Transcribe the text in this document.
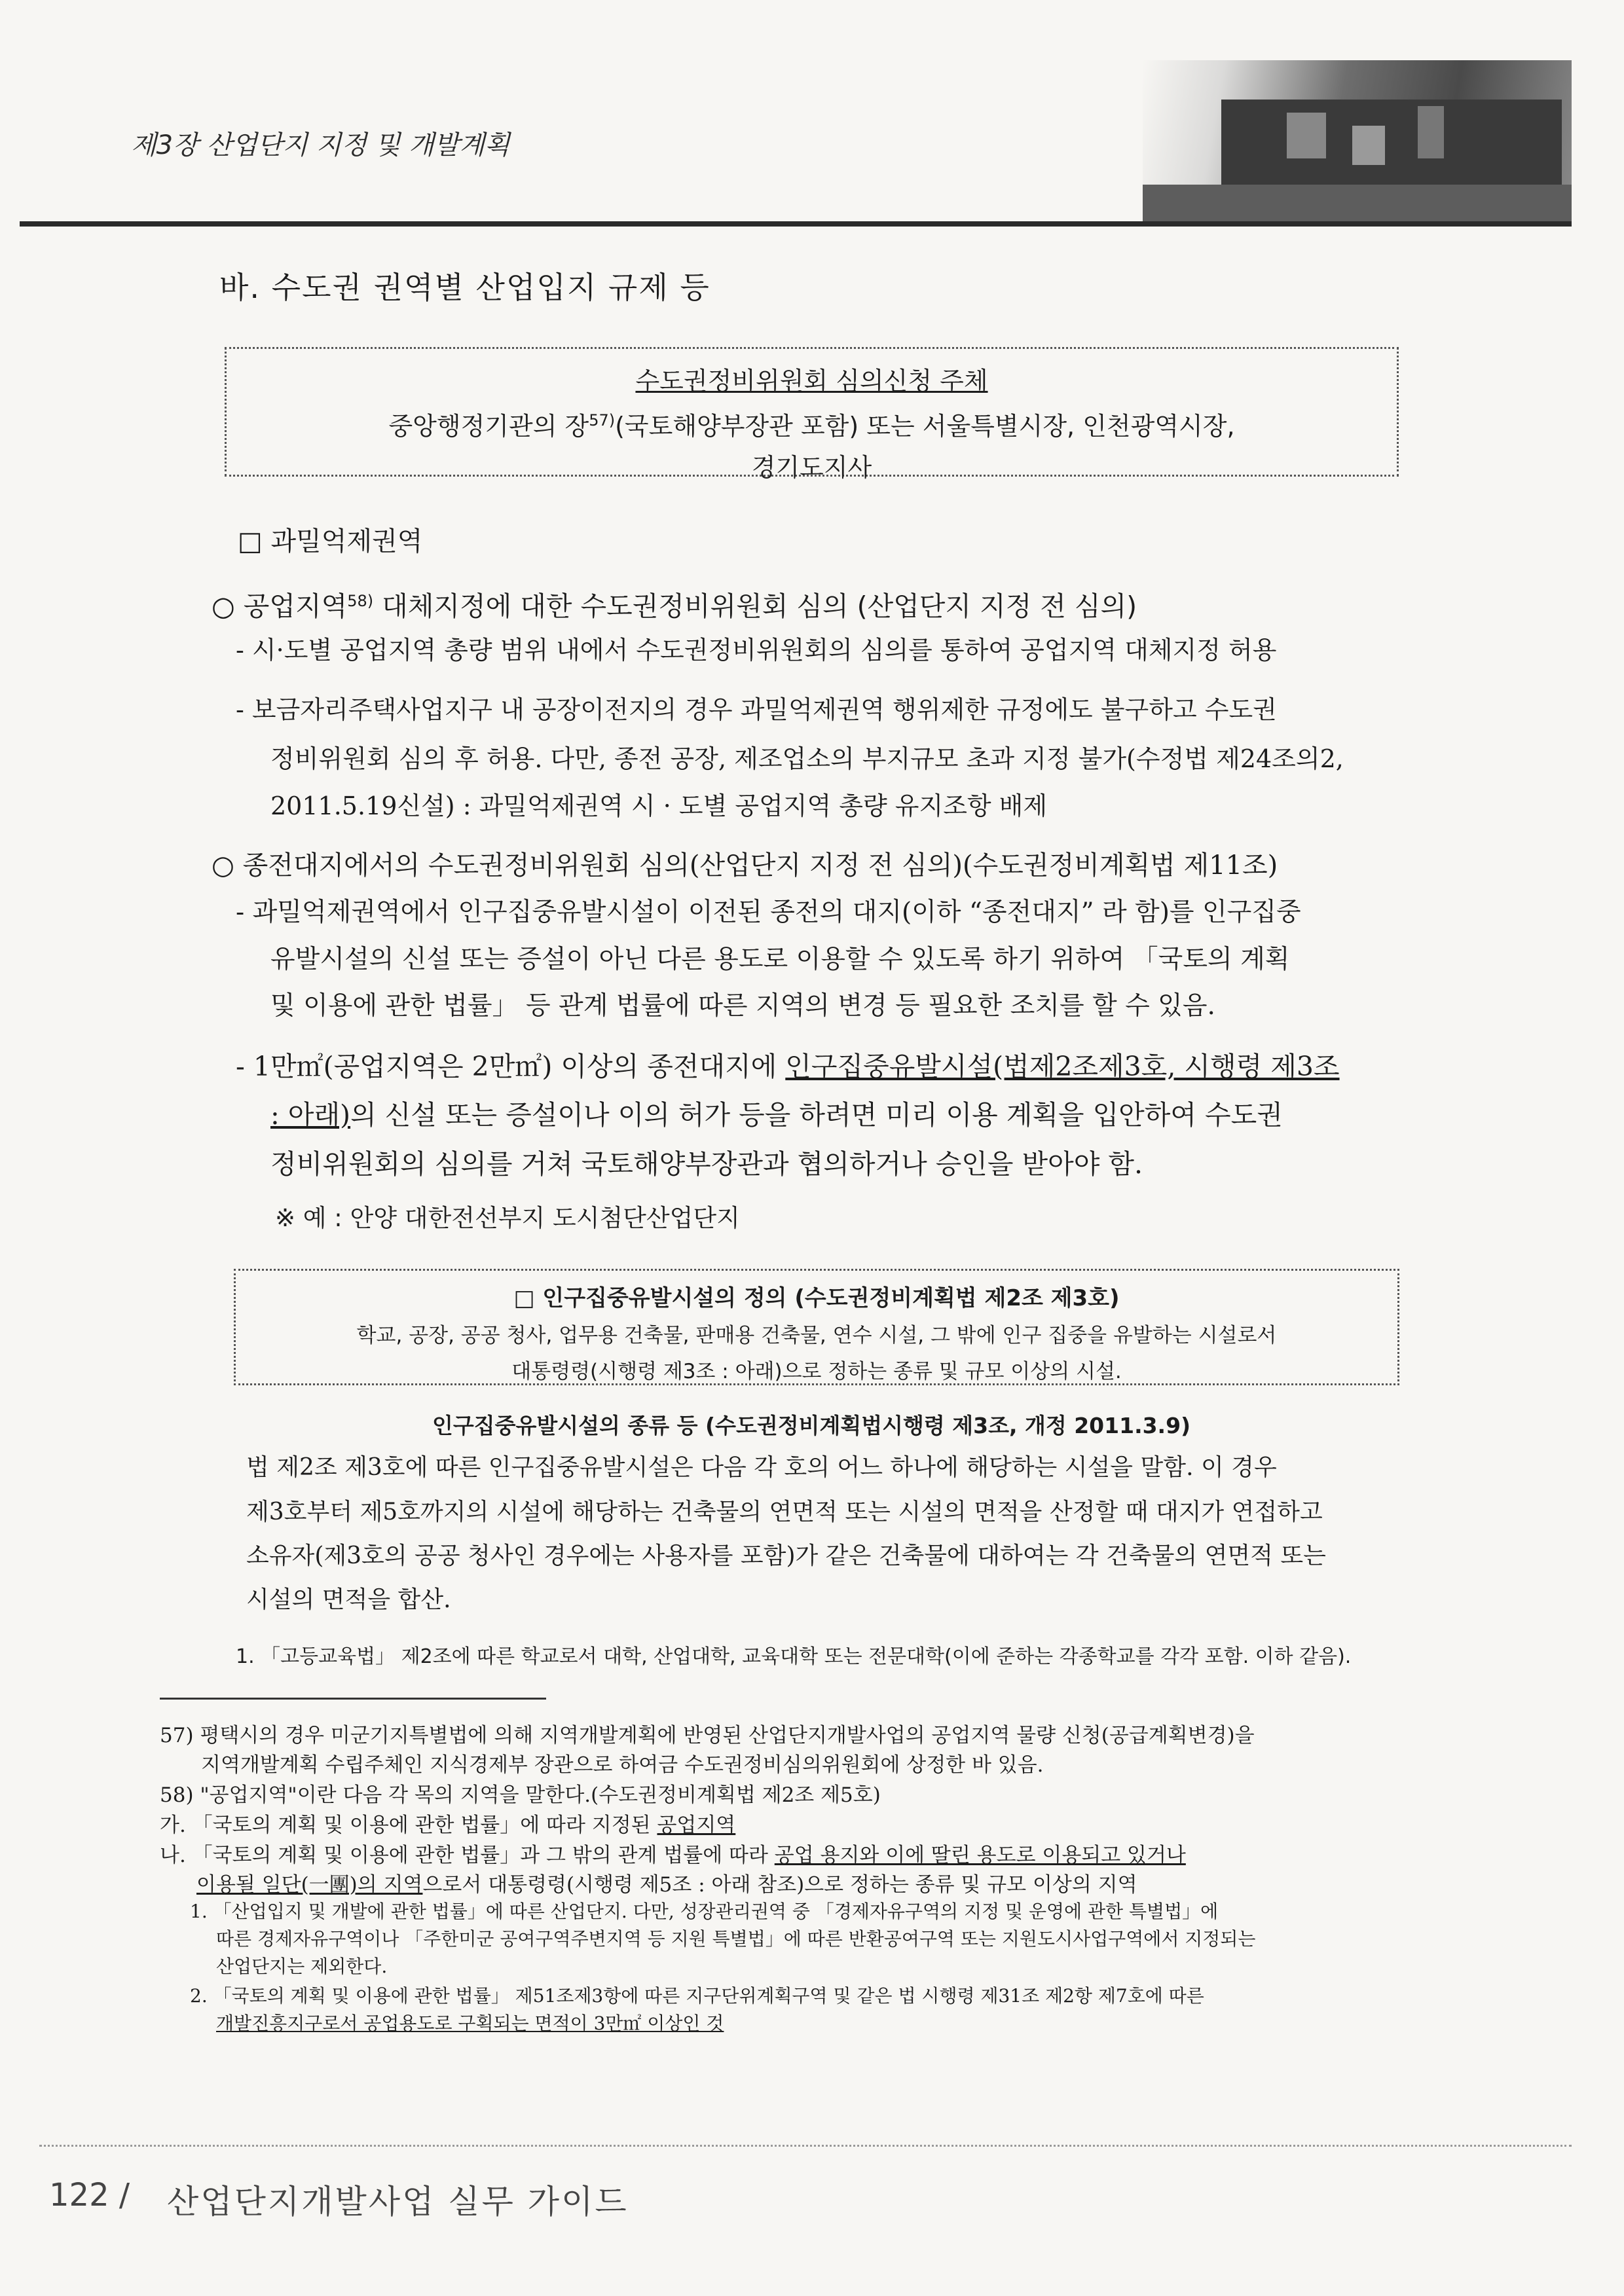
제3장 산업단지 지정 및 개발계획
바. 수도권 권역별 산업입지 규제 등
수도권정비위원회 심의신청 주체
중앙행정기관의 장$^{57)}$(국토해양부장관 포함) 또는 서울특별시장, 인천광역시장,
경기도지사
□ 과밀억제권역
○ 공업지역$^{58)}$ 대체지정에 대한 수도권정비위원회 심의 (산업단지 지정 전 심의)
- 시·도별 공업지역 총량 범위 내에서 수도권정비위원회의 심의를 통하여 공업지역 대체지정 허용
- 보금자리주택사업지구 내 공장이전지의 경우 과밀억제권역 행위제한 규정에도 불구하고 수도권
정비위원회 심의 후 허용. 다만, 종전 공장, 제조업소의 부지규모 초과 지정 불가(수정법 제24조의2,
2011.5.19신설) : 과밀억제권역 시 · 도별 공업지역 총량 유지조항 배제
○ 종전대지에서의 수도권정비위원회 심의(산업단지 지정 전 심의)(수도권정비계획법 제11조)
- 과밀억제권역에서 인구집중유발시설이 이전된 종전의 대지(이하 “종전대지” 라 함)를 인구집중
유발시설의 신설 또는 증설이 아닌 다른 용도로 이용할 수 있도록 하기 위하여 「국토의 계획
및 이용에 관한 법률」 등 관계 법률에 따른 지역의 변경 등 필요한 조치를 할 수 있음.
- 1만㎡(공업지역은 2만㎡) 이상의 종전대지에 인구집중유발시설(법제2조제3호, 시행령 제3조
: 아래)의 신설 또는 증설이나 이의 허가 등을 하려면 미리 이용 계획을 입안하여 수도권
정비위원회의 심의를 거쳐 국토해양부장관과 협의하거나 승인을 받아야 함.
※ 예 : 안양 대한전선부지 도시첨단산업단지
□ 인구집중유발시설의 정의 (수도권정비계획법 제2조 제3호)
학교, 공장, 공공 청사, 업무용 건축물, 판매용 건축물, 연수 시설, 그 밖에 인구 집중을 유발하는 시설로서
대통령령(시행령 제3조 : 아래)으로 정하는 종류 및 규모 이상의 시설.
인구집중유발시설의 종류 등 (수도권정비계획법시행령 제3조, 개정 2011.3.9)
법 제2조 제3호에 따른 인구집중유발시설은 다음 각 호의 어느 하나에 해당하는 시설을 말함. 이 경우
제3호부터 제5호까지의 시설에 해당하는 건축물의 연면적 또는 시설의 면적을 산정할 때 대지가 연접하고
소유자(제3호의 공공 청사인 경우에는 사용자를 포함)가 같은 건축물에 대하여는 각 건축물의 연면적 또는
시설의 면적을 합산.
1. 「고등교육법」 제2조에 따른 학교로서 대학, 산업대학, 교육대학 또는 전문대학(이에 준하는 각종학교를 각각 포함. 이하 같음).
57) 평택시의 경우 미군기지특별법에 의해 지역개발계획에 반영된 산업단지개발사업의 공업지역 물량 신청(공급계획변경)을
지역개발계획 수립주체인 지식경제부 장관으로 하여금 수도권정비심의위원회에 상정한 바 있음.
58) "공업지역"이란 다음 각 목의 지역을 말한다.(수도권정비계획법 제2조 제5호)
가. 「국토의 계획 및 이용에 관한 법률」에 따라 지정된 공업지역
나. 「국토의 계획 및 이용에 관한 법률」과 그 밖의 관계 법률에 따라 공업 용지와 이에 딸린 용도로 이용되고 있거나
이용될 일단(一團)의 지역으로서 대통령령(시행령 제5조 : 아래 참조)으로 정하는 종류 및 규모 이상의 지역
1. 「산업입지 및 개발에 관한 법률」에 따른 산업단지. 다만, 성장관리권역 중 「경제자유구역의 지정 및 운영에 관한 특별법」에
따른 경제자유구역이나 「주한미군 공여구역주변지역 등 지원 특별법」에 따른 반환공여구역 또는 지원도시사업구역에서 지정되는
산업단지는 제외한다.
2. 「국토의 계획 및 이용에 관한 법률」 제51조제3항에 따른 지구단위계획구역 및 같은 법 시행령 제31조 제2항 제7호에 따른
개발진흥지구로서 공업용도로 구획되는 면적이 3만㎡ 이상인 것
122 / 산업단지개발사업 실무 가이드
